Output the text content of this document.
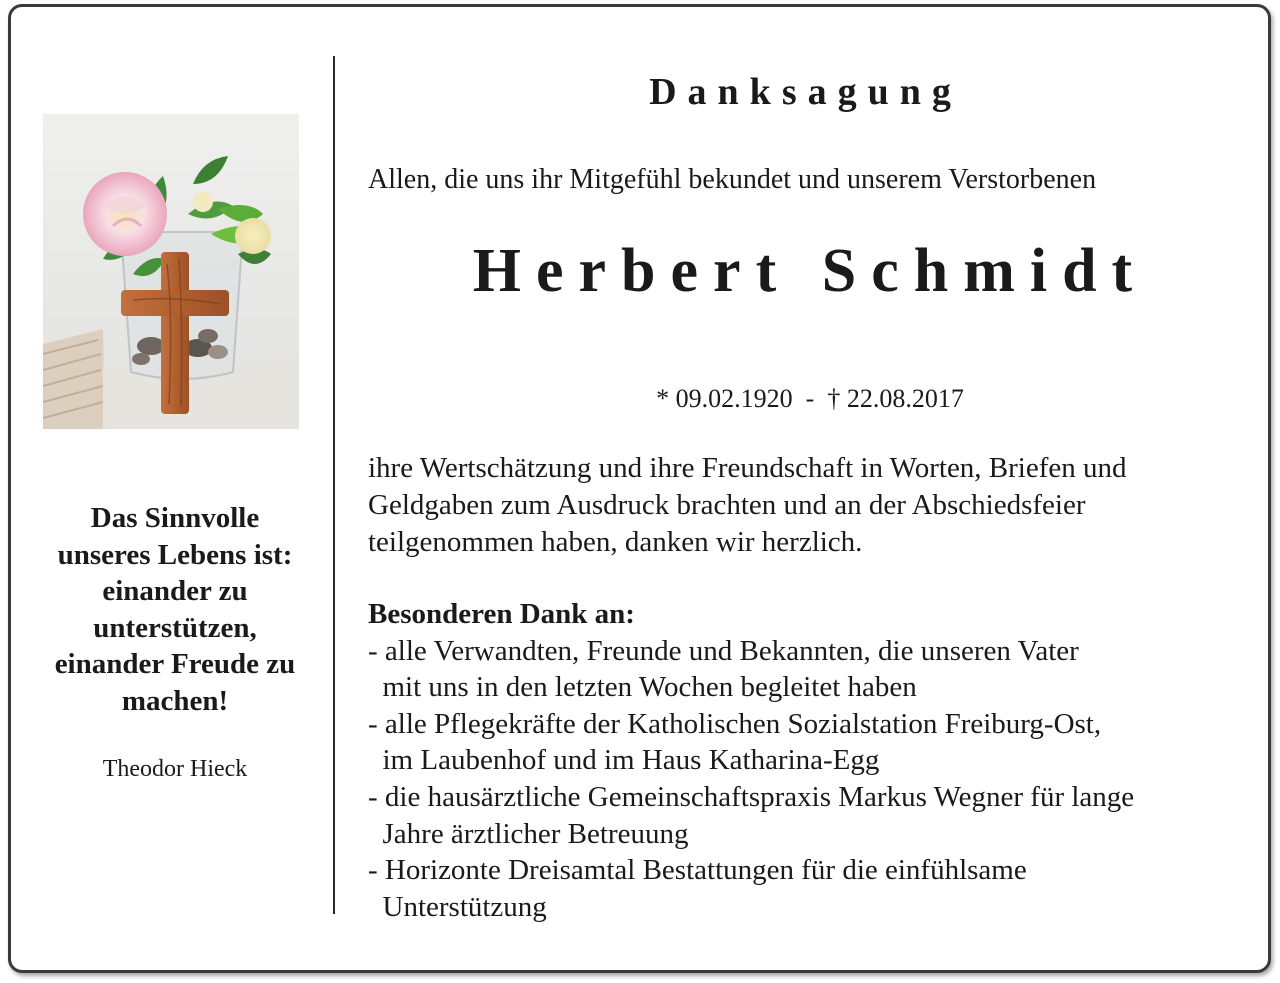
Das Sinnvolle
unseres Lebens ist:
einander zu
unterstützen,
einander Freude zu
machen!
Theodor Hieck
Danksagung
Allen, die uns ihr Mitgefühl bekundet und unserem Verstorbenen
Herbert Schmidt
* 09.02.1920  -  † 22.08.2017
ihre Wertschätzung und ihre Freundschaft in Worten, Briefen und
Geldgaben zum Ausdruck brachten und an der Abschiedsfeier
teilgenommen haben, danken wir herzlich.
Besonderen Dank an:
- alle Verwandten, Freunde und Bekannten, die unseren Vater
mit uns in den letzten Wochen begleitet haben
- alle Pflegekräfte der Katholischen Sozialstation Freiburg-Ost,
im Laubenhof und im Haus Katharina-Egg
- die hausärztliche Gemeinschaftspraxis Markus Wegner für lange
Jahre ärztlicher Betreuung
- Horizonte Dreisamtal Bestattungen für die einfühlsame
Unterstützung
